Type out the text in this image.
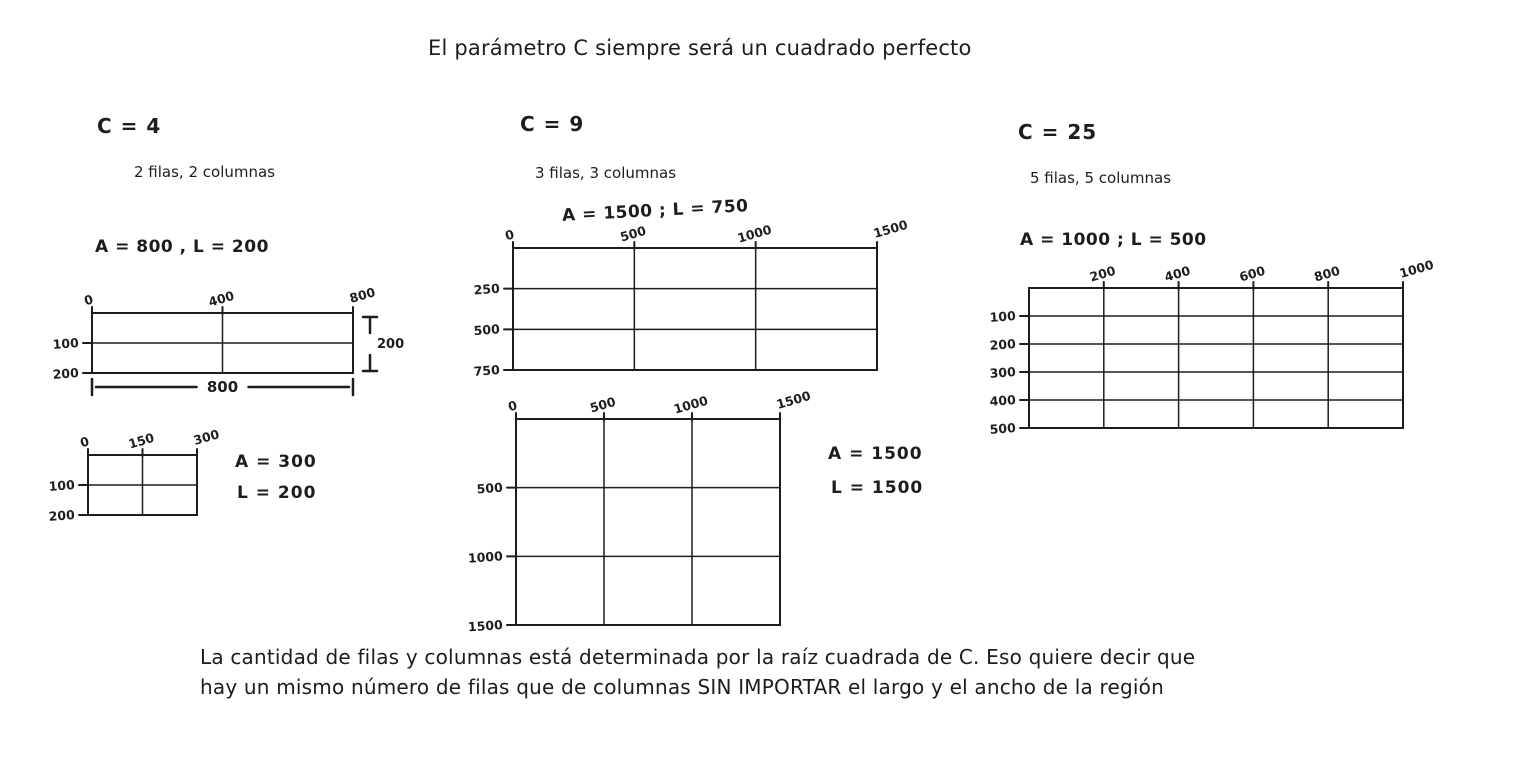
El parámetro C siempre será un cuadrado perfecto
C = 4
2 filas, 2 columnas
A = 800 , L = 200
C = 9
3 filas, 3 columnas
A = 1500 ; L = 750
C = 25
5 filas, 5 columnas
A = 1000 ; L = 500
0	400	800
100
200
800
200
0	150	300
100
200
0	500	1000	1500
250
500
750
0	500	1000	1500
500
1000
1500
200	400	600	800	1000
100
200
300
400
500
A = 300
L = 200
A = 1500
L = 1500
La cantidad de filas y columnas está determinada por la raíz cuadrada de C. Eso quiere decir que
hay un mismo número de filas que de columnas SIN IMPORTAR el largo y el ancho de la región
